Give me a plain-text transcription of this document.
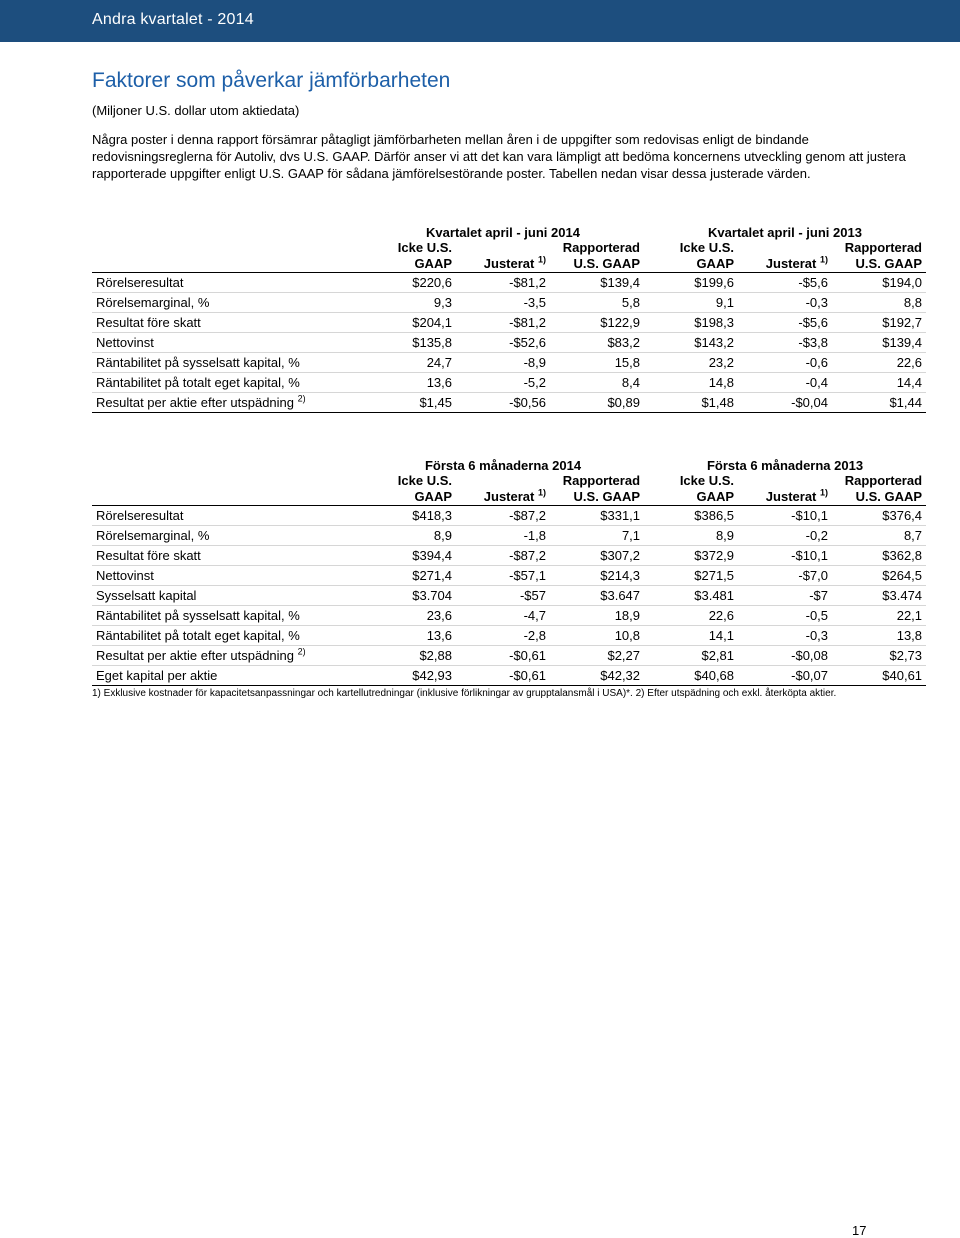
Andra kvartalet - 2014
Faktorer som påverkar jämförbarheten
(Miljoner U.S. dollar utom aktiedata)

Några poster i denna rapport försämrar påtagligt jämförbarheten mellan åren i de uppgifter som redovisas enligt de bindande redovisningsreglerna för Autoliv, dvs U.S. GAAP. Därför anser vi att det kan vara lämpligt att bedöma koncernens utveckling genom att justera rapporterade uppgifter enligt U.S. GAAP för sådana jämförelsestörande poster. Tabellen nedan visar dessa justerade värden.

	Kvartalet april - juni 2014			Kvartalet april - juni 2013		
	Icke U.S.
GAAP	Justerat $^{1)}$	Rapporterad
U.S. GAAP	Icke U.S.
GAAP	Justerat $^{1)}$	Rapporterad
U.S. GAAP
Rörelseresultat	$220,6	-$81,2	$139,4	$199,6	-$5,6	$194,0
Rörelsemarginal, %	9,3	-3,5	5,8	9,1	-0,3	8,8
Resultat före skatt	$204,1	-$81,2	$122,9	$198,3	-$5,6	$192,7
Nettovinst	$135,8	-$52,6	$83,2	$143,2	-$3,8	$139,4
Räntabilitet på sysselsatt kapital, %	24,7	-8,9	15,8	23,2	-0,6	22,6
Räntabilitet på totalt eget kapital, %	13,6	-5,2	8,4	14,8	-0,4	14,4
Resultat per aktie efter utspädning $^{2)}$	$1,45	-$0,56	$0,89	$1,48	-$0,04	$1,44
	Första 6 månaderna 2014			Första 6 månaderna 2013		
	Icke U.S.
GAAP	Justerat $^{1)}$	Rapporterad
U.S. GAAP	Icke U.S.
GAAP	Justerat $^{1)}$	Rapporterad
U.S. GAAP
Rörelseresultat	$418,3	-$87,2	$331,1	$386,5	-$10,1	$376,4
Rörelsemarginal, %	8,9	-1,8	7,1	8,9	-0,2	8,7
Resultat före skatt	$394,4	-$87,2	$307,2	$372,9	-$10,1	$362,8
Nettovinst	$271,4	-$57,1	$214,3	$271,5	-$7,0	$264,5
Sysselsatt kapital	$3.704	-$57	$3.647	$3.481	-$7	$3.474
Räntabilitet på sysselsatt kapital, %	23,6	-4,7	18,9	22,6	-0,5	22,1
Räntabilitet på totalt eget kapital, %	13,6	-2,8	10,8	14,1	-0,3	13,8
Resultat per aktie efter utspädning $^{2)}$	$2,88	-$0,61	$2,27	$2,81	-$0,08	$2,73
Eget kapital per aktie	$42,93	-$0,61	$42,32	$40,68	-$0,07	$40,61

1) Exklusive kostnader för kapacitetsanpassningar och kartellutredningar (inklusive förlikningar av grupptalansmål i USA)*. 2) Efter utspädning och exkl. återköpta aktier.

17
